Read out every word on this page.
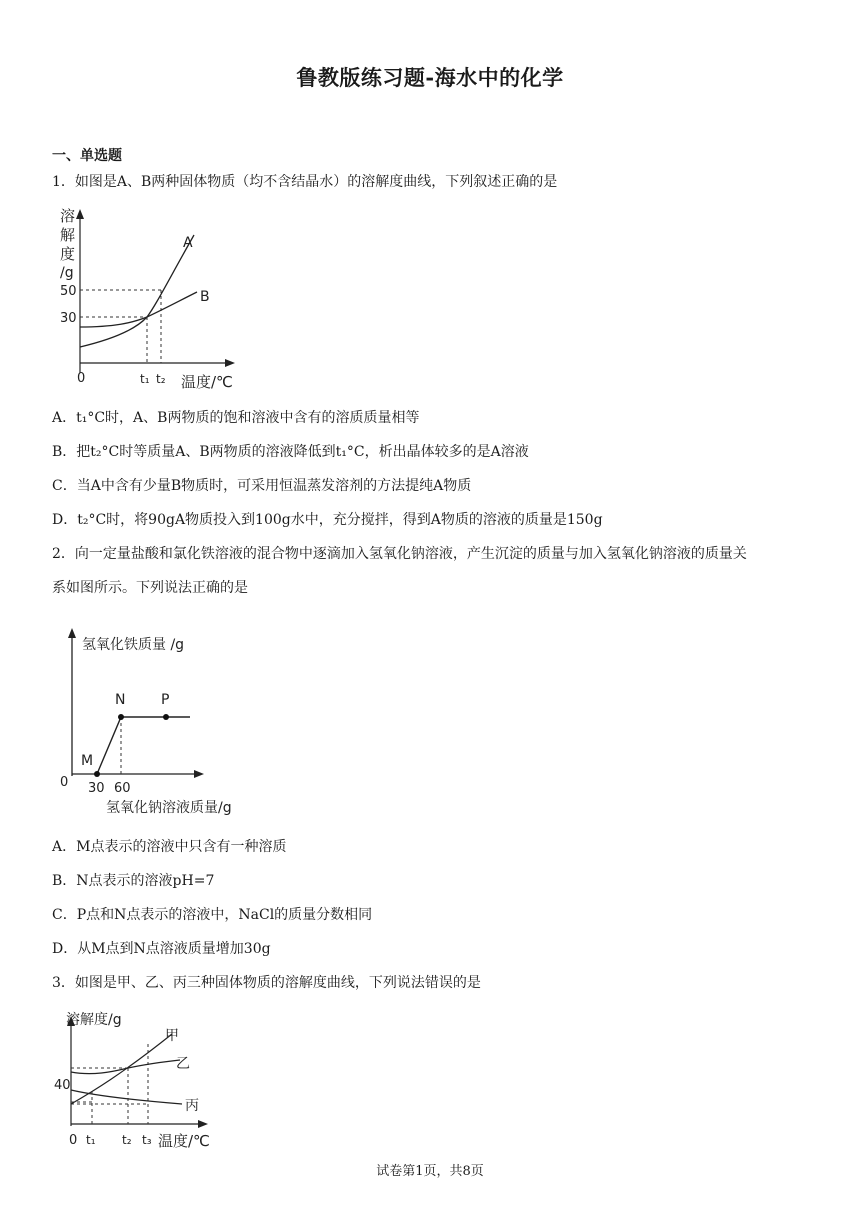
鲁教版练习题-海水中的化学
一、单选题
1．如图是A、B两种固体物质（均不含结晶水）的溶解度曲线，下列叙述正确的是
溶
解
度
/g
50
30
0	t₁ t₂ 温度/℃
A
B
A．t₁°C时，A、B两物质的饱和溶液中含有的溶质质量相等
B．把t₂°C时等质量A、B两物质的溶液降低到t₁°C，析出晶体较多的是A溶液
C．当A中含有少量B物质时，可采用恒温蒸发溶剂的方法提纯A物质
D．t₂°C时，将90gA物质投入到100g水中，充分搅拌，得到A物质的溶液的质量是150g
2．向一定量盐酸和氯化铁溶液的混合物中逐滴加入氢氧化钠溶液，产生沉淀的质量与加入氢氧化钠溶液的质量关
系如图所示。下列说法正确的是
氢氧化铁质量 /g
M
N	P
0 30 60
氢氧化钠溶液质量/g
A．M点表示的溶液中只含有一种溶质
B．N点表示的溶液pH=7
C．P点和N点表示的溶液中，NaCl的质量分数相同
D．从M点到N点溶液质量增加30g
3．如图是甲、乙、丙三种固体物质的溶解度曲线，下列说法错误的是
溶解度/g
甲
乙
丙
40
0 t₁ t₂ t₃ 温度/℃
试卷第1页，共8页
